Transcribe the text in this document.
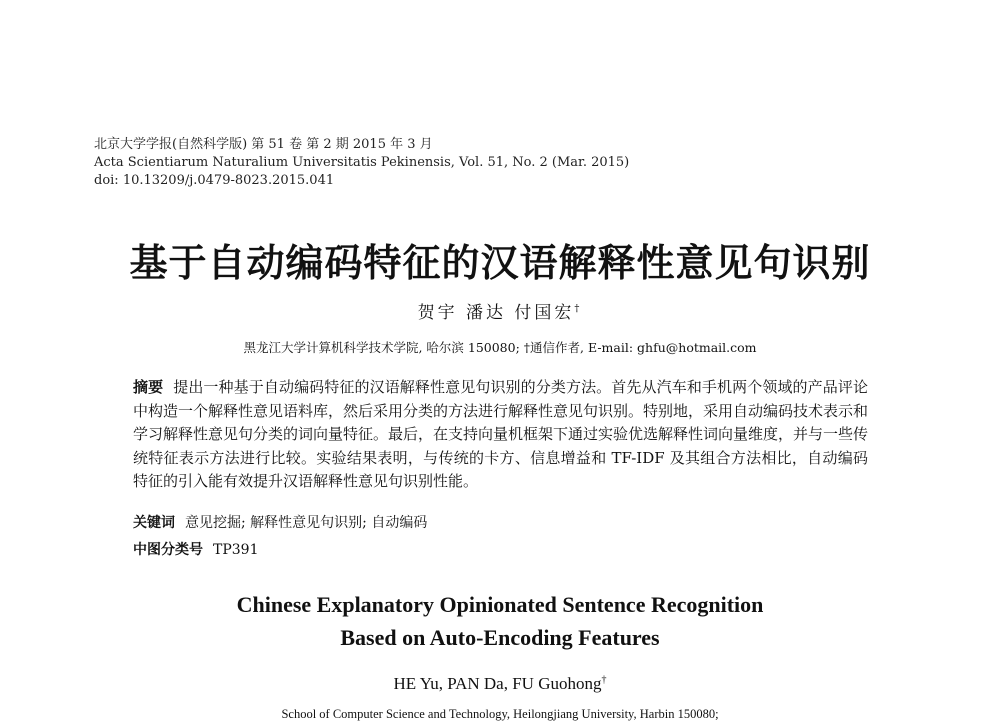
北京大学学报(自然科学版) 第 51 卷 第 2 期 2015 年 3 月
Acta Scientiarum Naturalium Universitatis Pekinensis, Vol. 51, No. 2 (Mar. 2015)
doi: 10.13209/j.0479-8023.2015.041
基于自动编码特征的汉语解释性意见句识别
贺宇 潘达 付国宏†
黑龙江大学计算机科学技术学院, 哈尔滨 150080; †通信作者, E-mail: ghfu@hotmail.com
摘要 提出一种基于自动编码特征的汉语解释性意见句识别的分类方法。首先从汽车和手机两个领域的产品评论中构造一个解释性意见语料库，然后采用分类的方法进行解释性意见句识别。特别地，采用自动编码技术表示和学习解释性意见句分类的词向量特征。最后，在支持向量机框架下通过实验优选解释性词向量维度，并与一些传统特征表示方法进行比较。实验结果表明，与传统的卡方、信息增益和 TF-IDF 及其组合方法相比，自动编码特征的引入能有效提升汉语解释性意见句识别性能。
关键词 意见挖掘; 解释性意见句识别; 自动编码
中图分类号 TP391
Chinese Explanatory Opinionated Sentence Recognition
Based on Auto-Encoding Features
HE Yu, PAN Da, FU Guohong†
School of Computer Science and Technology, Heilongjiang University, Harbin 150080;
